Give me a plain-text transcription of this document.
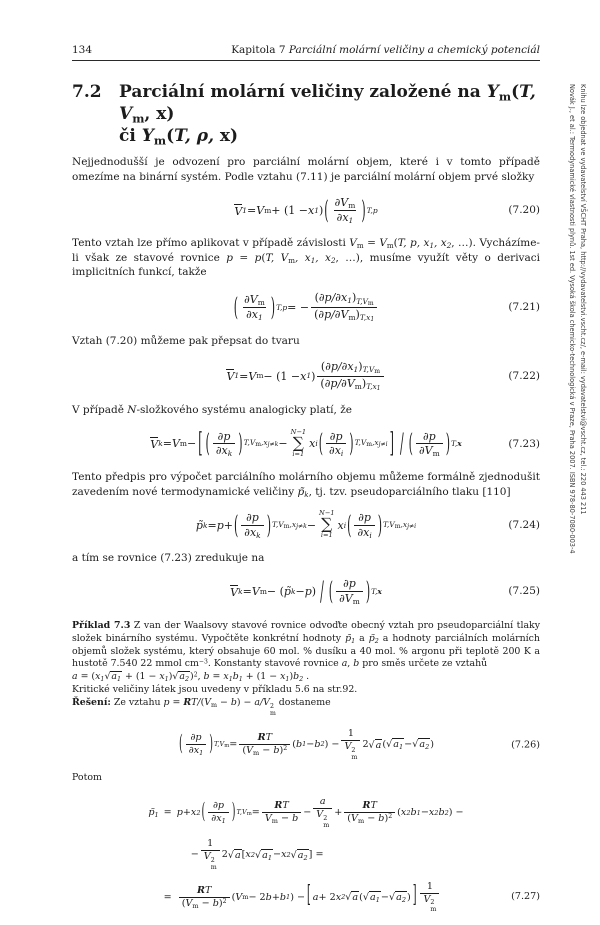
Knihu lze objednat ve vydavatelství VŠCHT Praha, http://vydavatelstvi.vscht.cz/, e-mail: vydavatelstvi@vscht.cz, tel.: 220 443 211
Novák J., et al.: Termodynamické vlastnosti plynů. 1st ed. Vysoká škola chemicko-technologická v Praze, Praha 2007. ISBN 978-80-7080-003-4
134	Kapitola 7 Parciální molární veličiny a chemický potenciál
7.2	Parciální molární veličiny založené na $Y_m(T$, $V_m$, x)
či $Y_m(T$, ρ, x)

Nejjednodušší je odvození pro parciální molární objem, které i v tomto případě omezíme na binární systém. Podle vztahu (7.11) je parciální molární objem prvé složky

V 1 = V m + (1 − x 1 ) ( $\frac{\partial V_m}{\partial x_1}$ ) T,p	(7.20)

Tento vztah lze přímo aplikovat v případě závislosti $V_m = V_m(T$, p, $x_1$, $x_2$, …). Vycházíme-li však ze stavové rovnice p = p(T, $V_m$, $x_1$, $x_2$, …), musíme využít věty o derivaci implicitních funkcí, takže

( $\frac{\partial V_m}{\partial x_1}$ ) T,p = − $\frac{(\partial p/\partial x_1)_{T,Vm}}{(\partial p/\partial V_m)_{T,x1}}$	(7.21)

Vztah (7.20) můžeme pak přepsat do tvaru

V 1 = V m − (1 − x 1 ) $\frac{(\partial p/\partial x_1)_{T,Vm}}{(\partial p/\partial V_m)_{T,x1}}$	(7.22)

V případě N-složkového systému analogicky platí, že

V k = V m − [ ( $\frac{\partial p}{\partial x_k}$ ) T,Vm,xj≠k −
N−1
∑
i=1
x i ( $\frac{\partial p}{\partial x_i}$ ) T,Vm,xj≠i ] / ( $\frac{\partial p}{\partial V_m}$ ) T,x	(7.23)

Tento předpis pro výpočet parciálního molárního objemu můžeme formálně zjednodušit zavedením nové termodynamické veličiny $p̃_k$, tj. tzv. pseudoparciálního tlaku [110]

p̃ k = p + ( $\frac{\partial p}{\partial x_k}$ ) T,Vm,xj≠k −
N−1
∑
i=1
x i ( $\frac{\partial p}{\partial x_i}$ ) T,Vm,xj≠i	(7.24)

a tím se rovnice (7.23) zredukuje na

V k = V m − ( p̃ k − p ) / ( $\frac{\partial p}{\partial V_m}$ ) T,x	(7.25)
Příklad 7.3 Z van der Waalsovy stavové rovnice odvoďte obecný vztah pro pseudoparciální tlaky složek binárního systému. Vypočtěte konkrétní hodnoty $p̃_1$ a $p̃_2$ a hodnoty parciálních molárních objemů složek systému, který obsahuje 60 mol. % dusíku a 40 mol. % argonu při teplotě 200 K a hustotě 7.540 22 mmol $cm^{-3}$. Konstanty stavové rovnice a, b pro směs určete ze vztahů
$a = (x_1√a_1 + (1 - x_1)√a_2)^2$, $b = x_1b_1 + (1 - x_1)b_2$ .
Kritické veličiny látek jsou uvedeny v příkladu 5.6 na str.92.
Řešení: Ze vztahu $p = RT/(V_m - b) - a/V$ 2
m
dostaneme
( $\frac{\partial p}{\partial x_1}$ ) $T,Vm = \frac{RT}{(V_m - b)^2}$ ( b 1 − b 2 ) − 1
V 2
m 2 √a ( $√a_1 - √a_2$ )	(7.26)

Potom

$p̃_1 = p + x$ 2 ( $\frac{\partial p}{\partial x_1}$ ) $T,Vm = \frac{RT}{V_m - b} - a$
V 2
$m + \frac{RT}{(V_m - b)^2}$ ( x 2 b 1 − x 2 b 2 ) −
− 1
V 2
m 2 √a [ x 2 $√a_1 - x$ 2 $√a_2$ ] =
= $\frac{RT}{(V_m - b)^2}$ ( V m − 2 b + b 1 ) − [ a + 2 x 2 √a ( $√a_1 - √a_2$ ) ] 1
V 2
m	(7.27)
